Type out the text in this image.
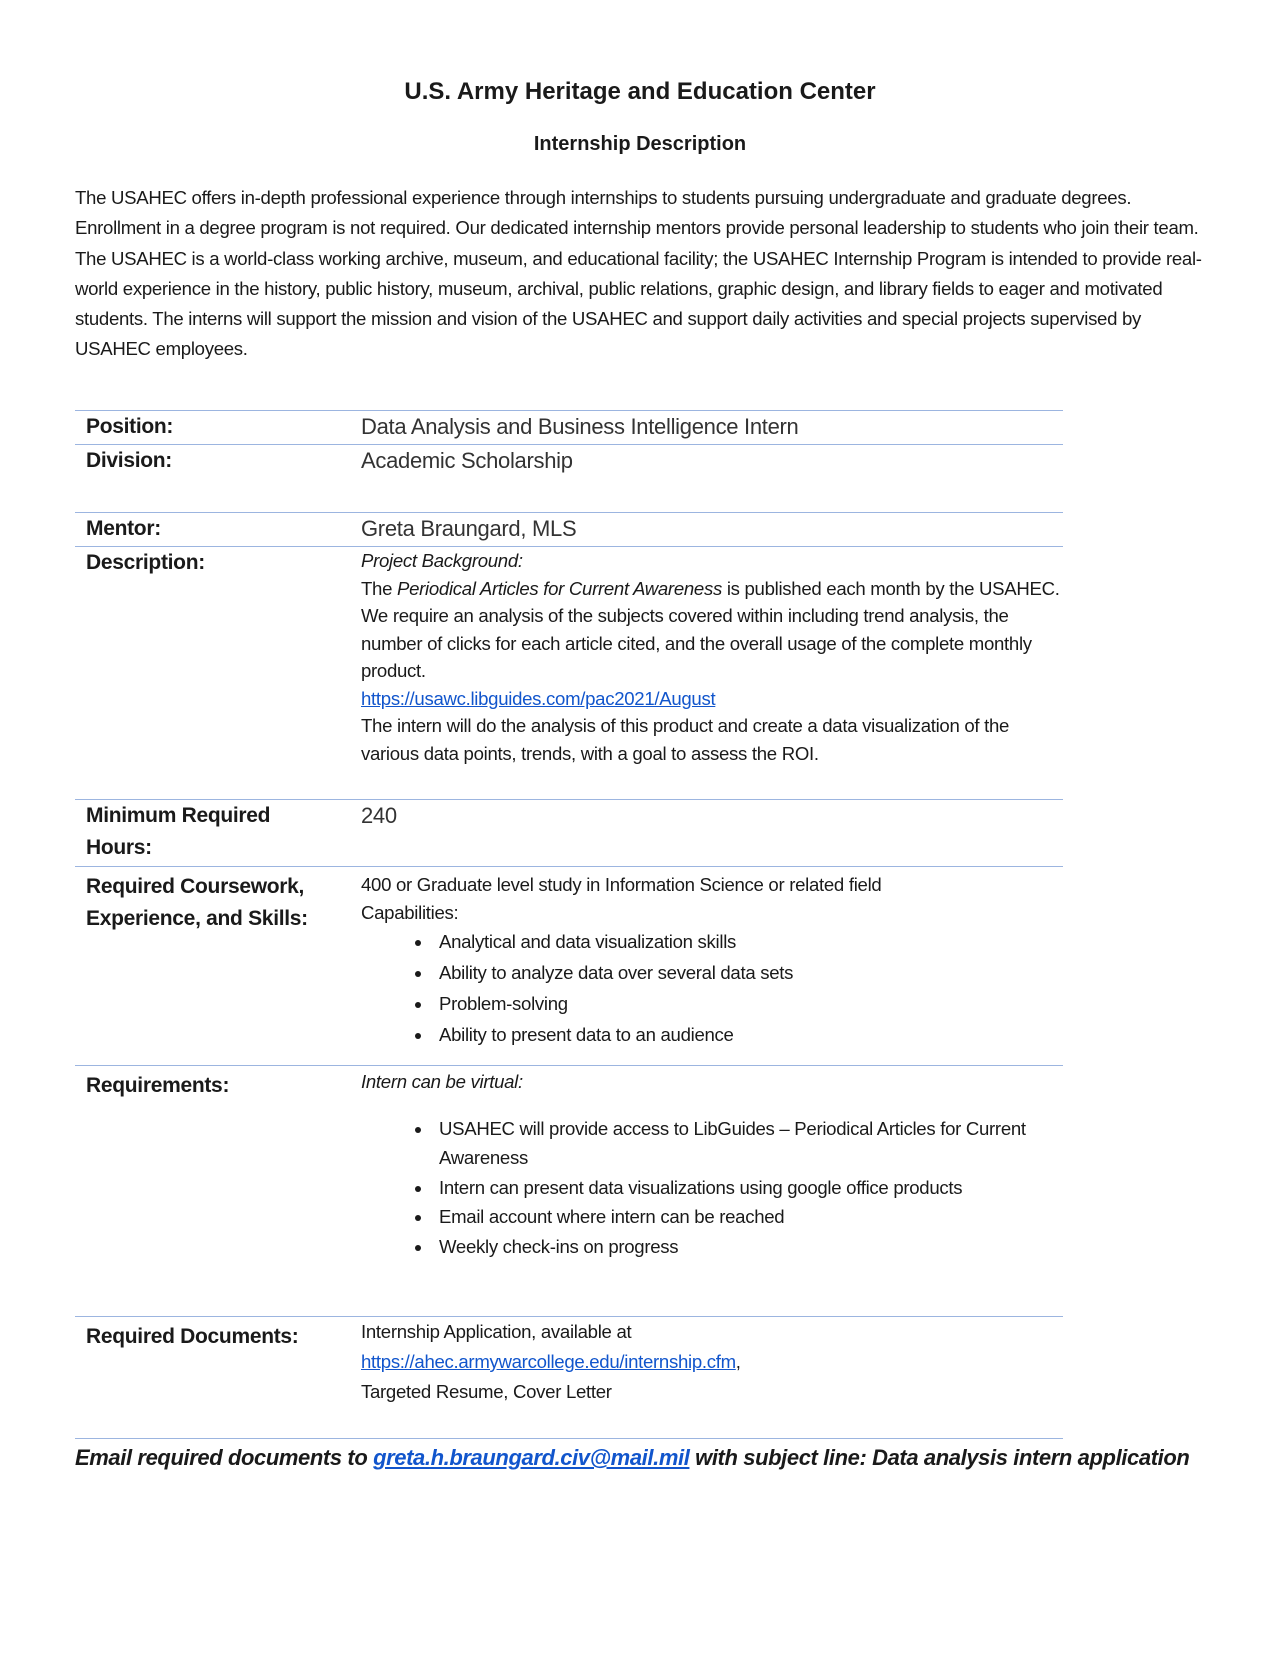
U.S. Army Heritage and Education Center
Internship Description
The USAHEC offers in-depth professional experience through internships to students pursuing undergraduate and graduate degrees. Enrollment in a degree program is not required. Our dedicated internship mentors provide personal leadership to students who join their team. The USAHEC is a world-class working archive, museum, and educational facility; the USAHEC Internship Program is intended to provide real-world experience in the history, public history, museum, archival, public relations, graphic design, and library fields to eager and motivated students. The interns will support the mission and vision of the USAHEC and support daily activities and special projects supervised by USAHEC employees.
Position:	Data Analysis and Business Intelligence Intern
Division:	Academic Scholarship
Mentor:	Greta Braungard, MLS
Description:	Project Background:
The Periodical Articles for Current Awareness is published each month by the USAHEC. We require an analysis of the subjects covered within including trend analysis, the number of clicks for each article cited, and the overall usage of the complete monthly product.
https://usawc.libguides.com/pac2021/August
The intern will do the analysis of this product and create a data visualization of the various data points, trends, with a goal to assess the ROI.
Minimum Required Hours:
240
Required Coursework, Experience, and Skills:
400 or Graduate level study in Information Science or related field
Capabilities:
• Analytical and data visualization skills
• Ability to analyze data over several data sets
• Problem-solving
• Ability to present data to an audience
Requirements:	Intern can be virtual:
• USAHEC will provide access to LibGuides – Periodical Articles for Current Awareness
• Intern can present data visualizations using google office products
• Email account where intern can be reached
• Weekly check-ins on progress
Required Documents:	Internship Application, available at
https://ahec.armywarcollege.edu/internship.cfm,
Targeted Resume, Cover Letter
Email required documents to greta.h.braungard.civ@mail.mil with subject line: Data analysis intern application
